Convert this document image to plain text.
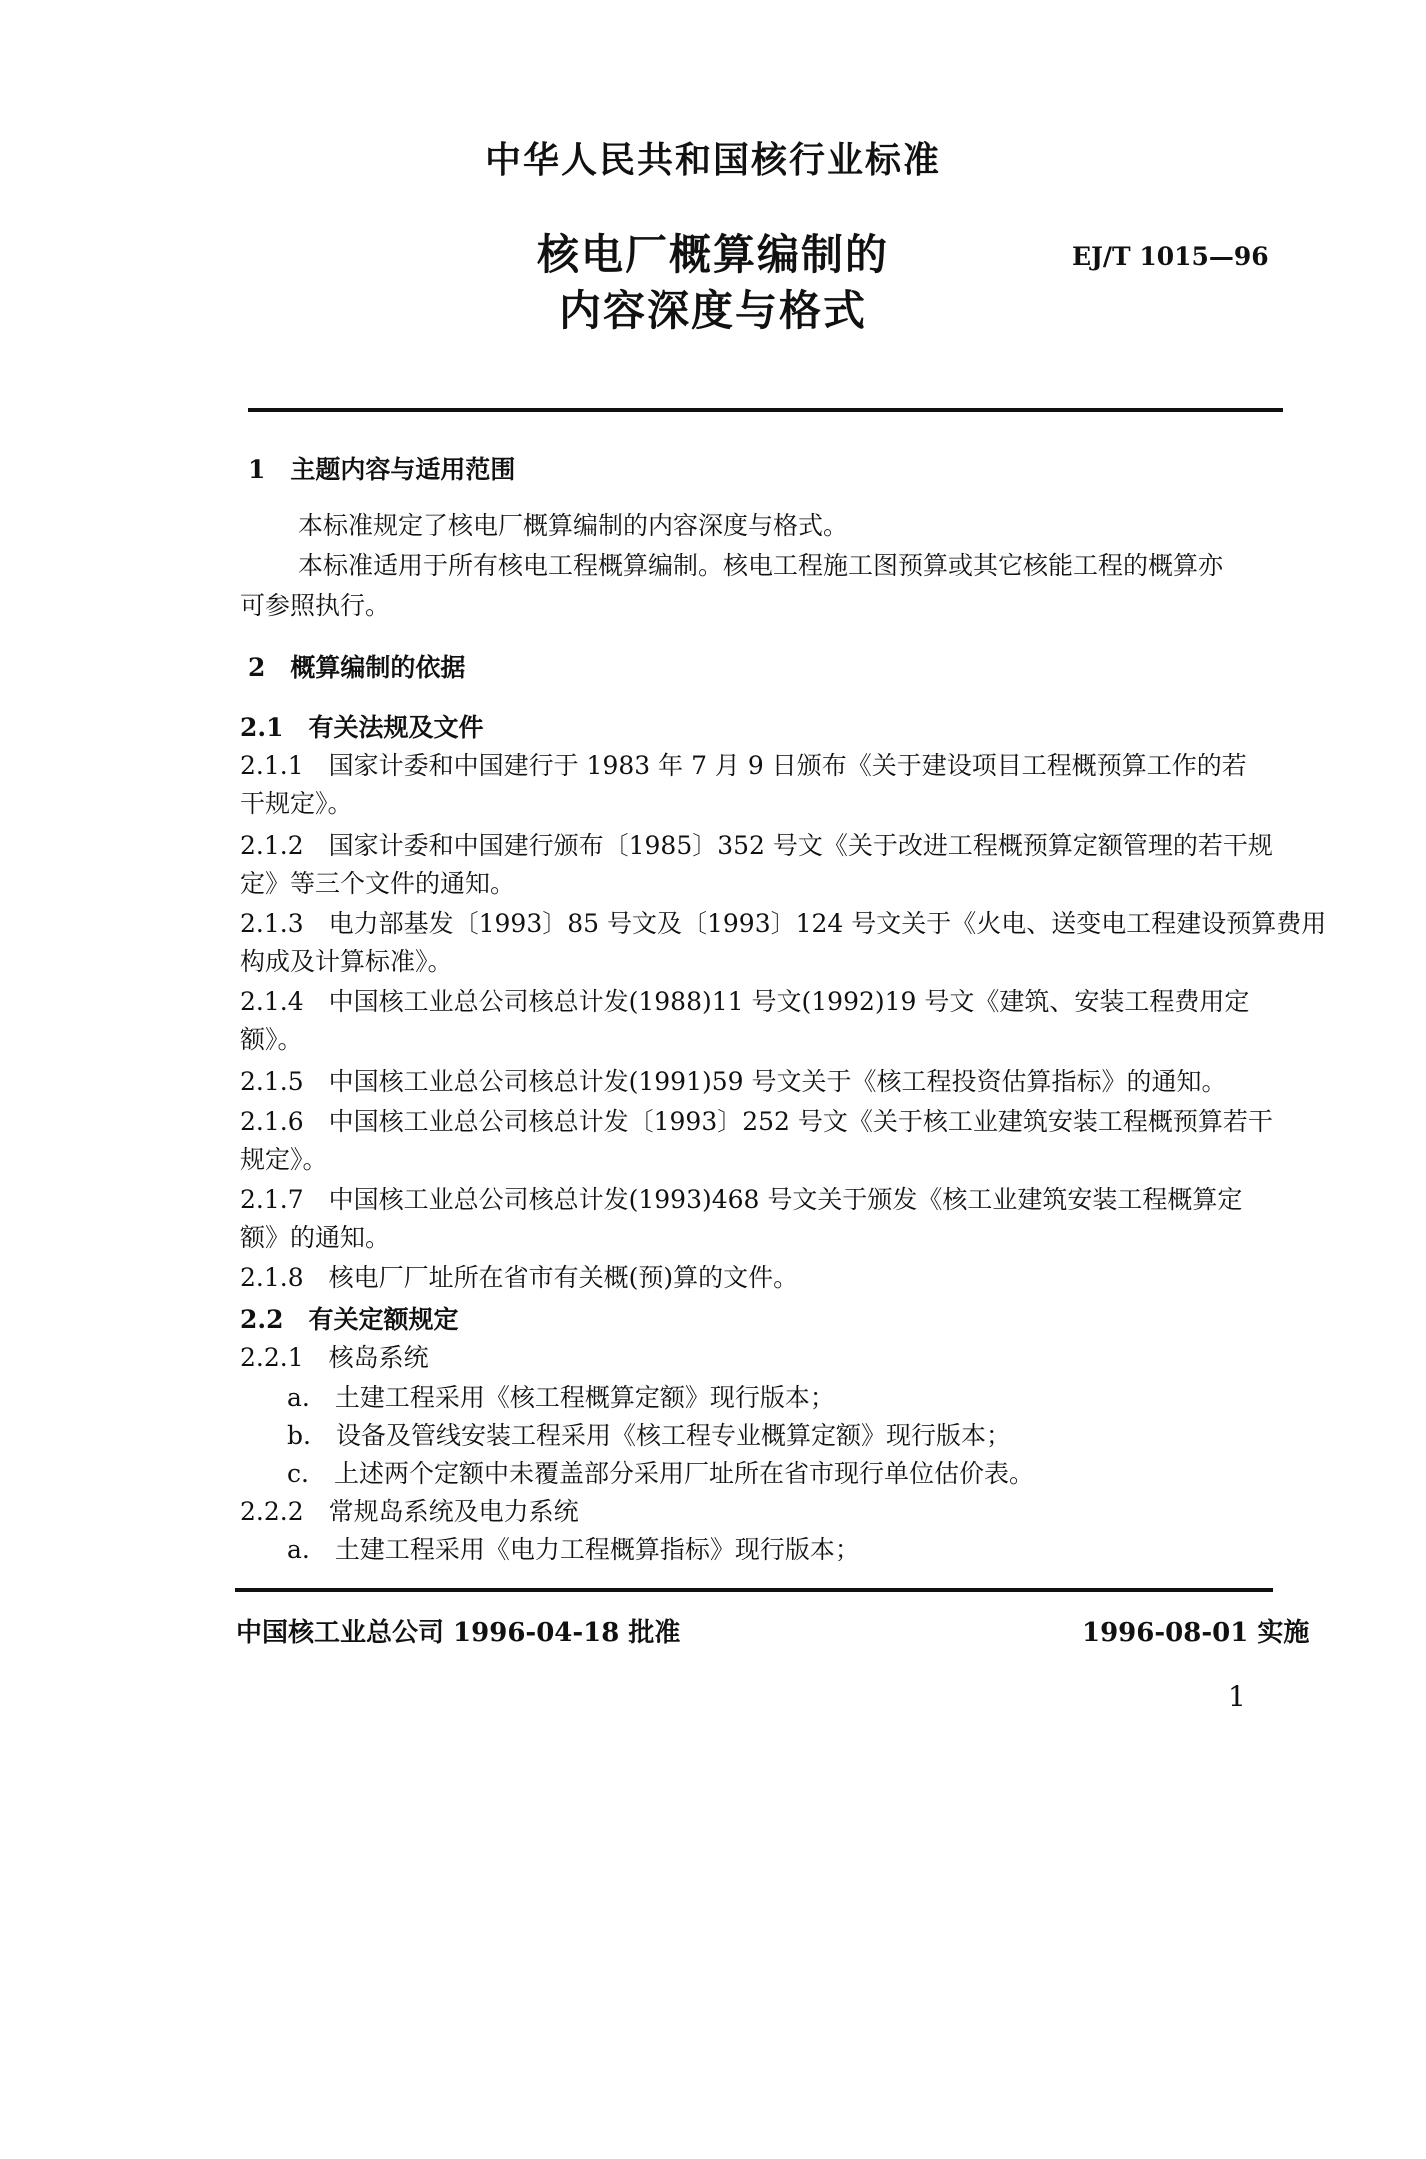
中华人民共和国核行业标准
核电厂概算编制的
内容深度与格式
EJ/T 1015—96
1　主题内容与适用范围
本标准规定了核电厂概算编制的内容深度与格式。
本标准适用于所有核电工程概算编制。核电工程施工图预算或其它核能工程的概算亦
可参照执行。
2　概算编制的依据
2.1　有关法规及文件
2.1.1　国家计委和中国建行于 1983 年 7 月 9 日颁布《关于建设项目工程概预算工作的若
干规定》。
2.1.2　国家计委和中国建行颁布〔1985〕352 号文《关于改进工程概预算定额管理的若干规
定》等三个文件的通知。
2.1.3　电力部基发〔1993〕85 号文及〔1993〕124 号文关于《火电、送变电工程建设预算费用
构成及计算标准》。
2.1.4　中国核工业总公司核总计发(1988)11 号文(1992)19 号文《建筑、安装工程费用定
额》。
2.1.5　中国核工业总公司核总计发(1991)59 号文关于《核工程投资估算指标》的通知。
2.1.6　中国核工业总公司核总计发〔1993〕252 号文《关于核工业建筑安装工程概预算若干
规定》。
2.1.7　中国核工业总公司核总计发(1993)468 号文关于颁发《核工业建筑安装工程概算定
额》的通知。
2.1.8　核电厂厂址所在省市有关概(预)算的文件。
2.2　有关定额规定
2.2.1　核岛系统
a.　土建工程采用《核工程概算定额》现行版本；
b.　设备及管线安装工程采用《核工程专业概算定额》现行版本；
c.　上述两个定额中未覆盖部分采用厂址所在省市现行单位估价表。
2.2.2　常规岛系统及电力系统
a.　土建工程采用《电力工程概算指标》现行版本；
中国核工业总公司 1996-04-18 批准	1996-08-01 实施
1
